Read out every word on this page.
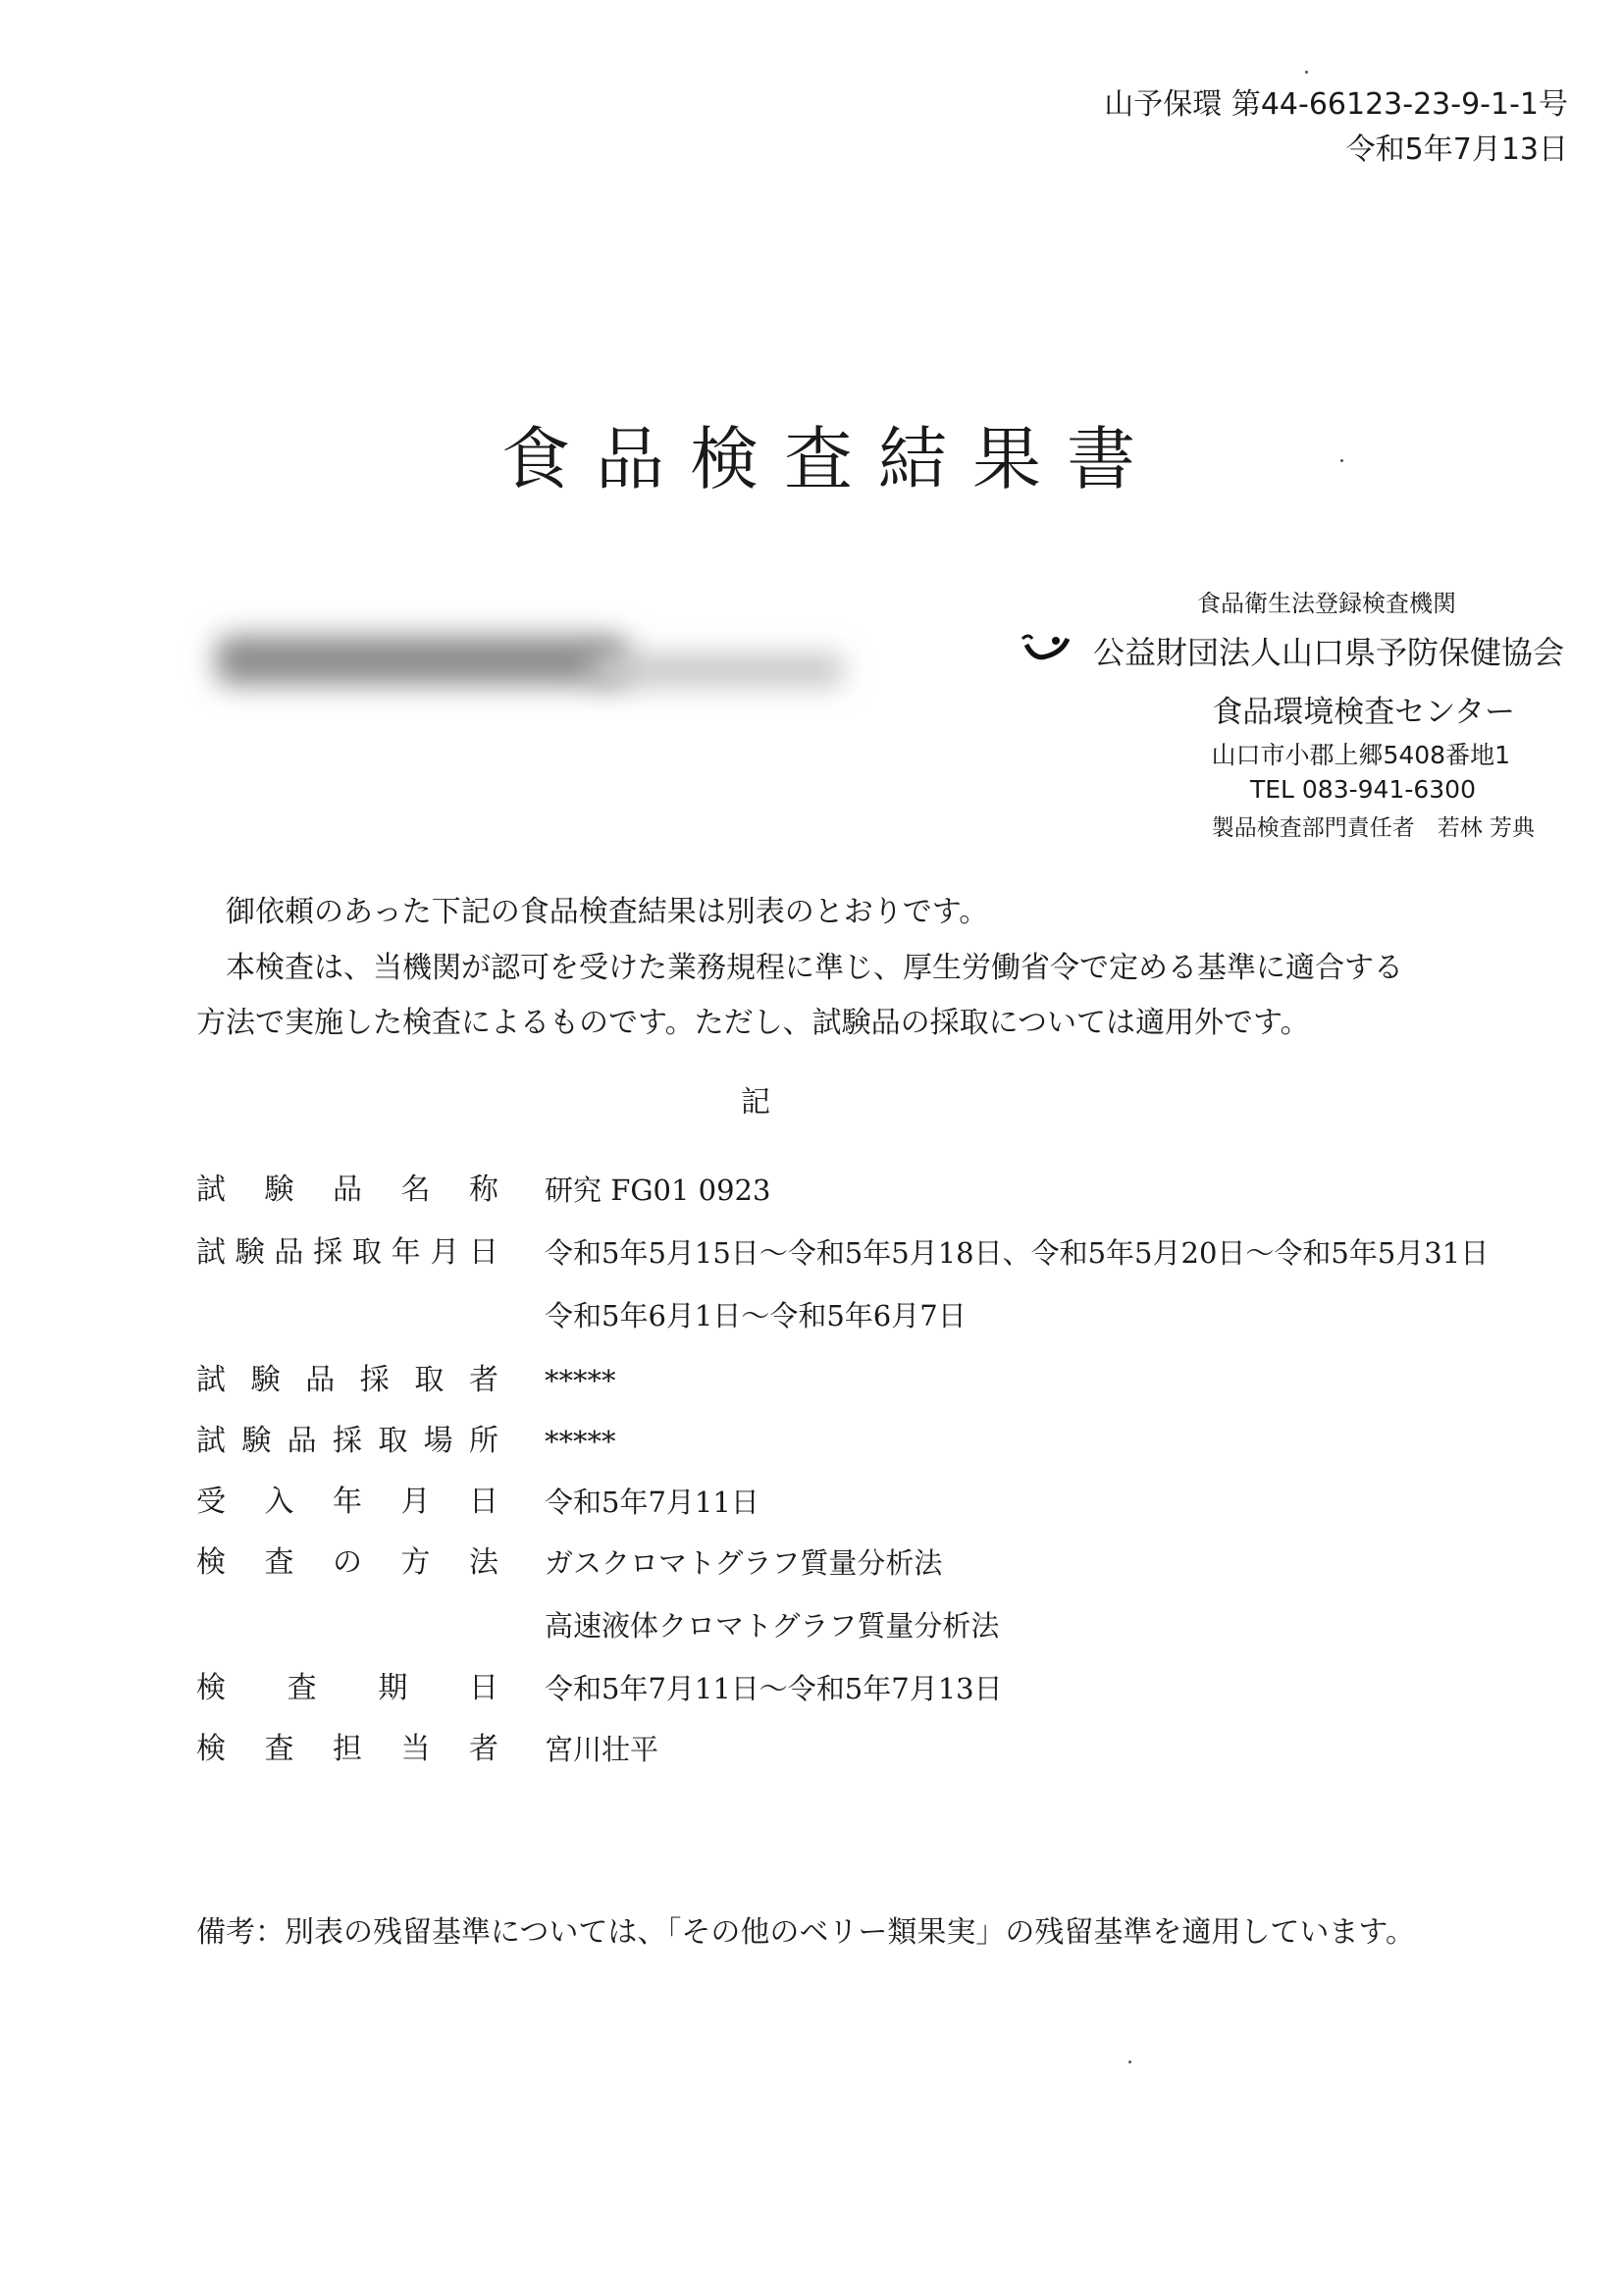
山予保環 第44-66123-23-9-1-1号
令和5年7月13日
食品検査結果書
食品衛生法登録検査機関
公益財団法人山口県予防保健協会
食品環境検査センター
山口市小郡上郷5408番地1
TEL 083-941-6300
製品検査部門責任者　若林 芳典
御依頼のあった下記の食品検査結果は別表のとおりです。
本検査は、当機関が認可を受けた業務規程に準じ、厚生労働省令で定める基準に適合する
方法で実施した検査によるものです。ただし、試験品の採取については適用外です。
記
試験品名称 研究 FG01 0923
試験品採取年月日 令和5年5月15日～令和5年5月18日、令和5年5月20日～令和5年5月31日
令和5年6月1日～令和5年6月7日
試験品採取者 *****
試験品採取場所 *****
受入年月日 令和5年7月11日
検査の方法 ガスクロマトグラフ質量分析法
高速液体クロマトグラフ質量分析法
検査期日 令和5年7月11日～令和5年7月13日
検査担当者 宮川壮平
備考：別表の残留基準については、「その他のベリー類果実」の残留基準を適用しています。
